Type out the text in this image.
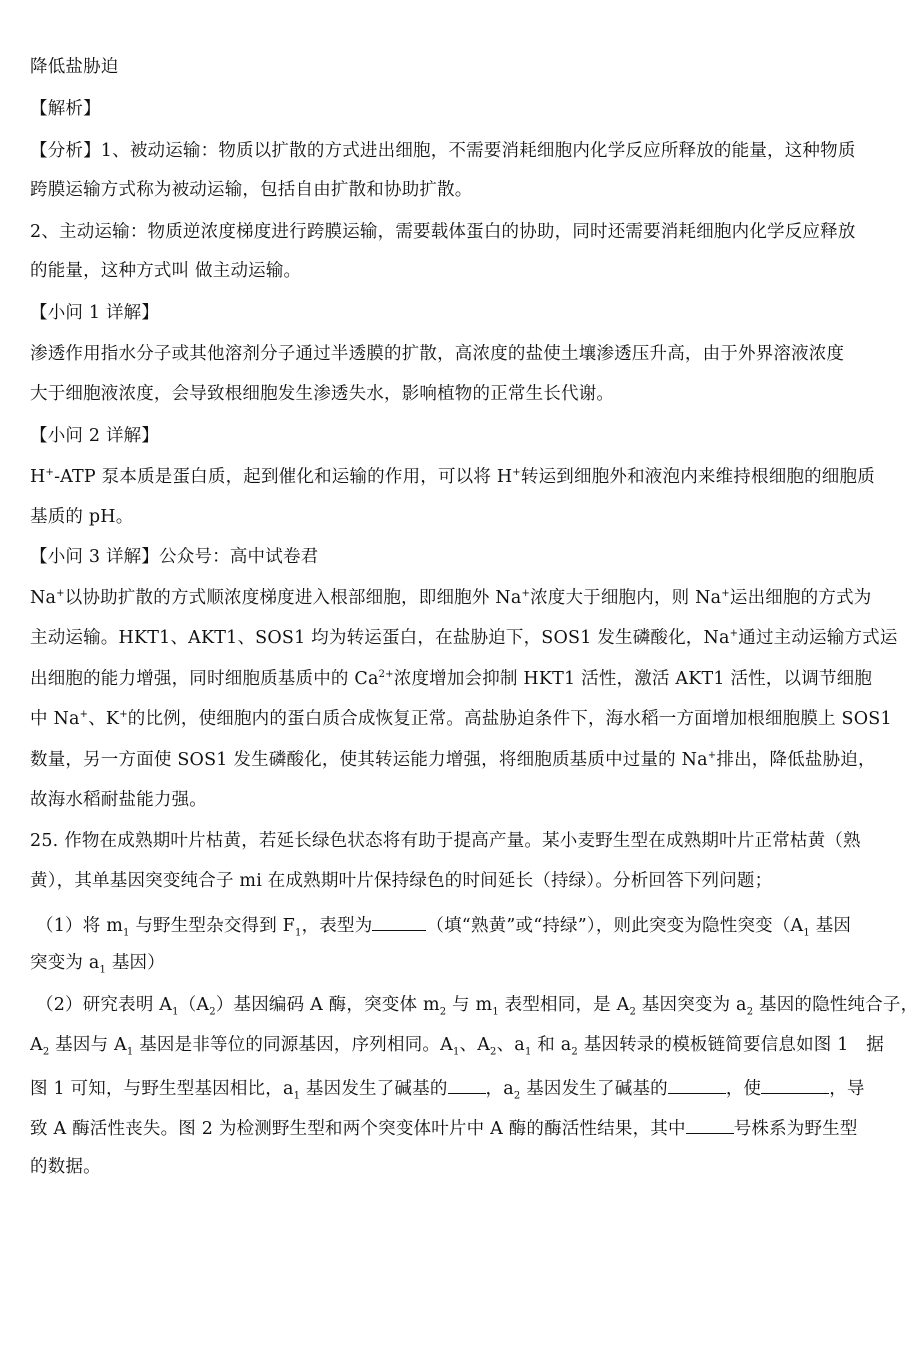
降低盐胁迫
【解析】
【分析】1、被动运输：物质以扩散的方式进出细胞，不需要消耗细胞内化学反应所释放的能量，这种物质
跨膜运输方式称为被动运输，包括自由扩散和协助扩散。
2、主动运输：物质逆浓度梯度进行跨膜运输，需要载体蛋白的协助，同时还需要消耗细胞内化学反应释放
的能量，这种方式叫 做主动运输。
【小问 1 详解】
渗透作用指水分子或其他溶剂分子通过半透膜的扩散，高浓度的盐使土壤渗透压升高，由于外界溶液浓度
大于细胞液浓度，会导致根细胞发生渗透失水，影响植物的正常生长代谢。
【小问 2 详解】
H+-ATP 泵本质是蛋白质，起到催化和运输的作用，可以将 H+转运到细胞外和液泡内来维持根细胞的细胞质
基质的 pH。
【小问 3 详解】公众号：高中试卷君
Na+以协助扩散的方式顺浓度梯度进入根部细胞，即细胞外 Na+浓度大于细胞内，则 Na+运出细胞的方式为
主动运输。HKT1、AKT1、SOS1 均为转运蛋白，在盐胁迫下，SOS1 发生磷酸化，Na+通过主动运输方式运
出细胞的能力增强，同时细胞质基质中的 $Ca^{2+}$浓度增加会抑制 HKT1 活性，激活 AKT1 活性，以调节细胞
中 Na+、K+的比例，使细胞内的蛋白质合成恢复正常。高盐胁迫条件下，海水稻一方面增加根细胞膜上 SOS1
数量，另一方面使 SOS1 发生磷酸化，使其转运能力增强，将细胞质基质中过量的 Na+排出，降低盐胁迫，
故海水稻耐盐能力强。
25. 作物在成熟期叶片枯黄，若延长绿色状态将有助于提高产量。某小麦野生型在成熟期叶片正常枯黄（熟
黄），其单基因突变纯合子 mi 在成熟期叶片保持绿色的时间延长（持绿）。分析回答下列问题；
（1）将 $m_1$ 与野生型杂交得到 $F_1$，表型为	（填“熟黄”或“持绿”），则此突变为隐性突变（$A_1$ 基因
突变为 $a_1$ 基因）
（2）研究表明 $A_1(A_2)$基因编码 A 酶，突变体 $m_2$ 与 $m_1$ 表型相同，是 $A_2$ 基因突变为 $a_2$ 基因的隐性纯合子，
$A_2$ 基因与 $A_1$ 基因是非等位的同源基因，序列相同。$A_1$、$A_2$、$a_1$ 和 $a_2$ 基因转录的模板链简要信息如图 1　据
图 1 可知，与野生型基因相比，$a_1$ 基因发生了碱基的 ，$a_2$ 基因发生了碱基的	，使	，导
致 A 酶活性丧失。图 2 为检测野生型和两个突变体叶片中 A 酶的酶活性结果，其中	号株系为野生型
的数据。
